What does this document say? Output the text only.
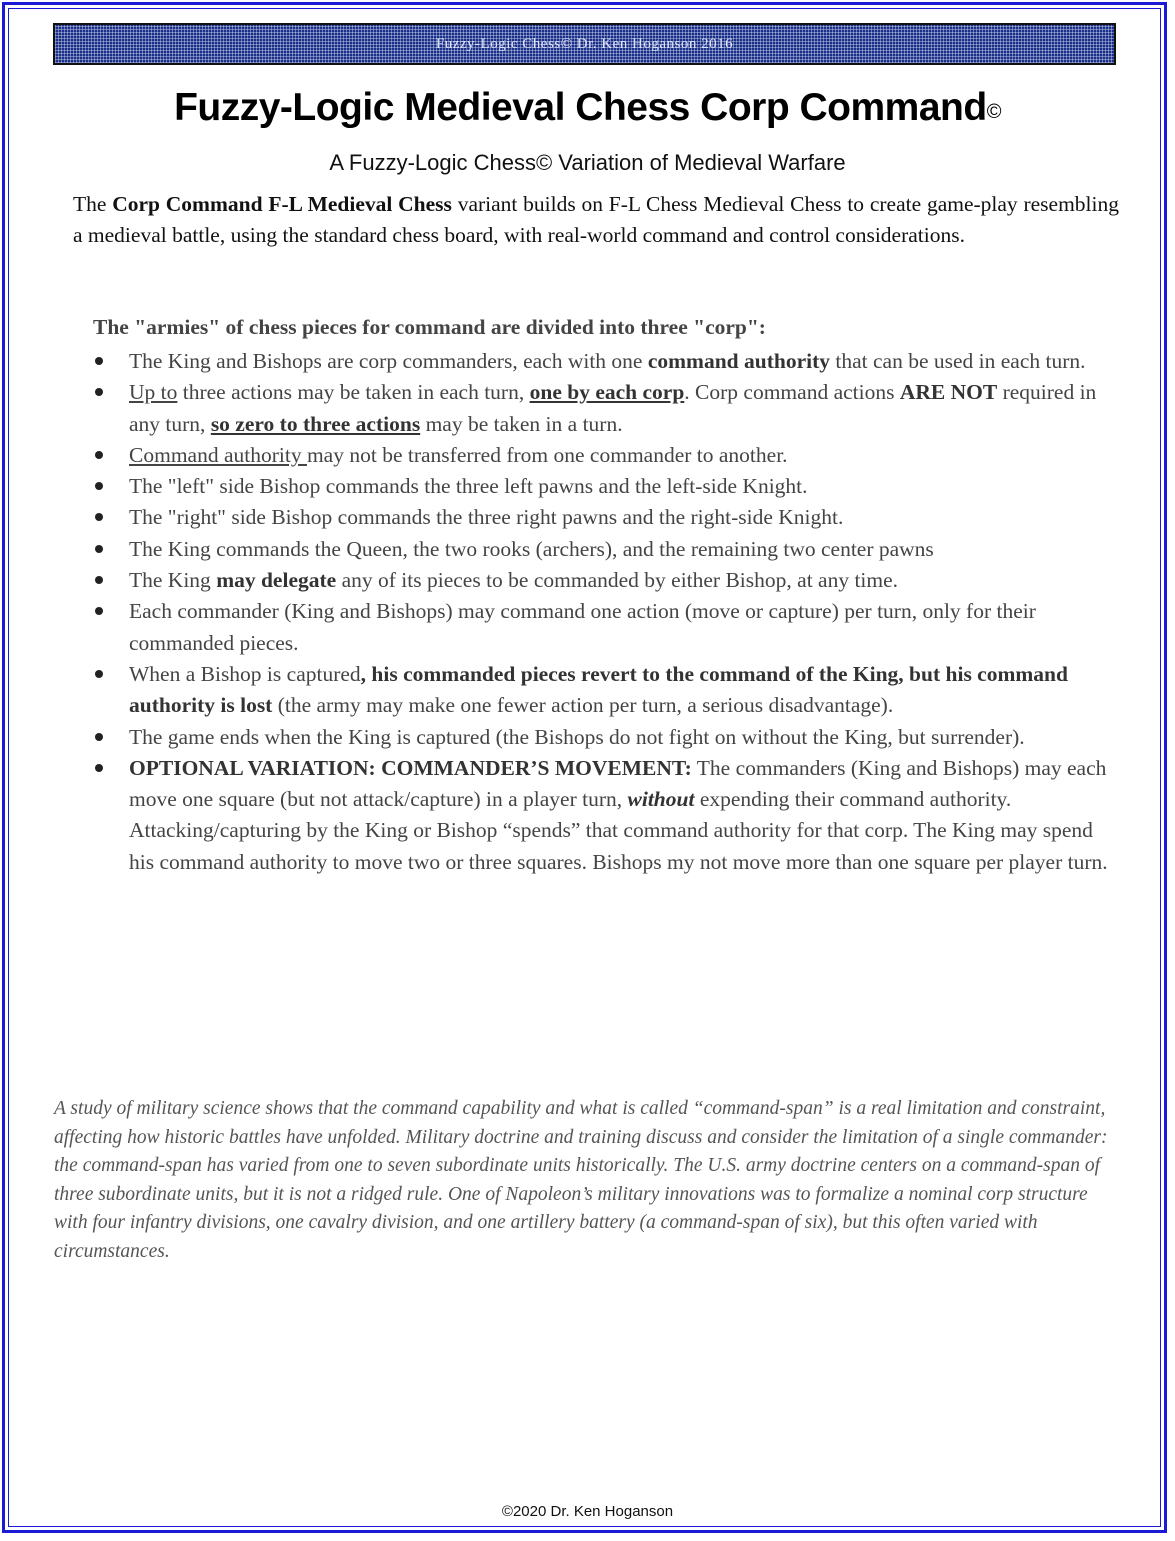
Fuzzy-Logic Chess© Dr. Ken Hoganson 2016
Fuzzy-Logic Medieval Chess Corp Command©
A Fuzzy-Logic Chess© Variation of Medieval Warfare

The Corp Command F-L Medieval Chess variant builds on F-L Chess Medieval Chess to create game-play resembling a medieval battle, using the standard chess board, with real-world command and control considerations.

The "armies" of chess pieces for command are divided into three "corp":
The King and Bishops are corp commanders, each with one command authority that can be used in each turn.
Up to three actions may be taken in each turn, one by each corp. Corp command actions ARE NOT required in any turn, so zero to three actions may be taken in a turn.
Command authority may not be transferred from one commander to another.
The "left" side Bishop commands the three left pawns and the left-side Knight.
The "right" side Bishop commands the three right pawns and the right-side Knight.
The King commands the Queen, the two rooks (archers), and the remaining two center pawns
The King may delegate any of its pieces to be commanded by either Bishop, at any time.
Each commander (King and Bishops) may command one action (move or capture) per turn, only for their commanded pieces.
When a Bishop is captured, his commanded pieces revert to the command of the King, but his command authority is lost (the army may make one fewer action per turn, a serious disadvantage).
The game ends when the King is captured (the Bishops do not fight on without the King, but surrender).
OPTIONAL VARIATION: COMMANDER’S MOVEMENT: The commanders (King and Bishops) may each move one square (but not attack/capture) in a player turn, without expending their command authority. Attacking/capturing by the King or Bishop “spends” that command authority for that corp. The King may spend his command authority to move two or three squares. Bishops my not move more than one square per player turn.

A study of military science shows that the command capability and what is called “command-span” is a real limitation and constraint, affecting how historic battles have unfolded. Military doctrine and training discuss and consider the limitation of a single commander: the command-span has varied from one to seven subordinate units historically. The U.S. army doctrine centers on a command-span of three subordinate units, but it is not a ridged rule. One of Napoleon’s military innovations was to formalize a nominal corp structure with four infantry divisions, one cavalry division, and one artillery battery (a command-span of six), but this often varied with circumstances.

©2020 Dr. Ken Hoganson
